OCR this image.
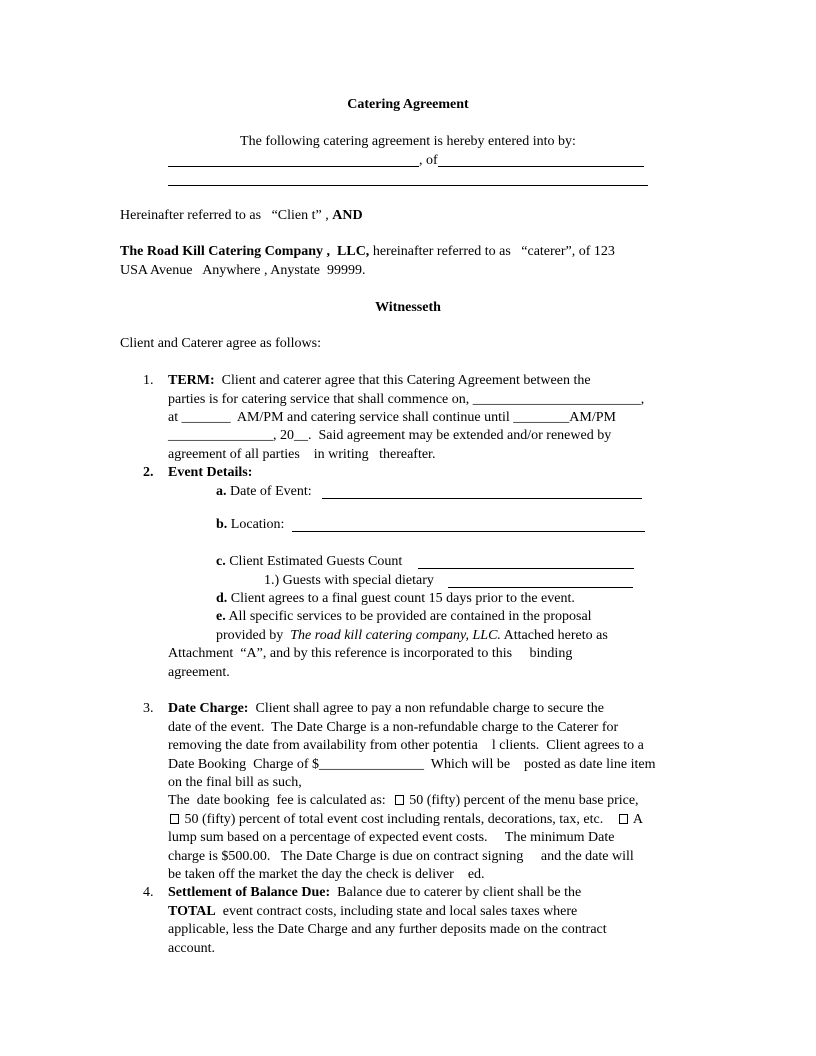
Catering Agreement
The following catering agreement is hereby entered into by:
, of
Hereinafter referred to as   “Clien t” , AND
The Road Kill Catering Company ,  LLC, hereinafter referred to as   “caterer”, of 123
USA Avenue   Anywhere , Anystate  99999.
Witnesseth
Client and Caterer agree as follows:
1. TERM:  Client and caterer agree that this Catering Agreement between the
parties is for catering service that shall commence on, ________________________,
at _______  AM/PM and catering service shall continue until ________AM/PM
_______________, 20__.  Said agreement may be extended and/or renewed by
agreement of all parties    in writing   thereafter.
2. Event Details:
a. Date of Event:
b. Location:
c. Client Estimated Guests Count
1.) Guests with special dietary
d. Client agrees to a final guest count 15 days prior to the event.
e. All specific services to be provided are contained in the proposal
provided by  The road kill catering company, LLC. Attached hereto as
Attachment  “A”, and by this reference is incorporated to this     binding
agreement.
3. Date Charge:  Client shall agree to pay a non refundable charge to secure the
date of the event.  The Date Charge is a non-refundable charge to the Caterer for
removing the date from availability from other potentia    l clients.  Client agrees to a
Date Booking  Charge of $_______________  Which will be    posted as date line item
on the final bill as such,
The  date booking  fee is calculated as:   50 (fifty) percent of the menu base price,
50 (fifty) percent of total event cost including rentals, decorations, tax, etc.     A
lump sum based on a percentage of expected event costs.     The minimum Date
charge is $500.00.   The Date Charge is due on contract signing     and the date will
be taken off the market the day the check is deliver    ed.
4. Settlement of Balance Due:  Balance due to caterer by client shall be the
TOTAL  event contract costs, including state and local sales taxes where
applicable, less the Date Charge and any further deposits made on the contract
account.
